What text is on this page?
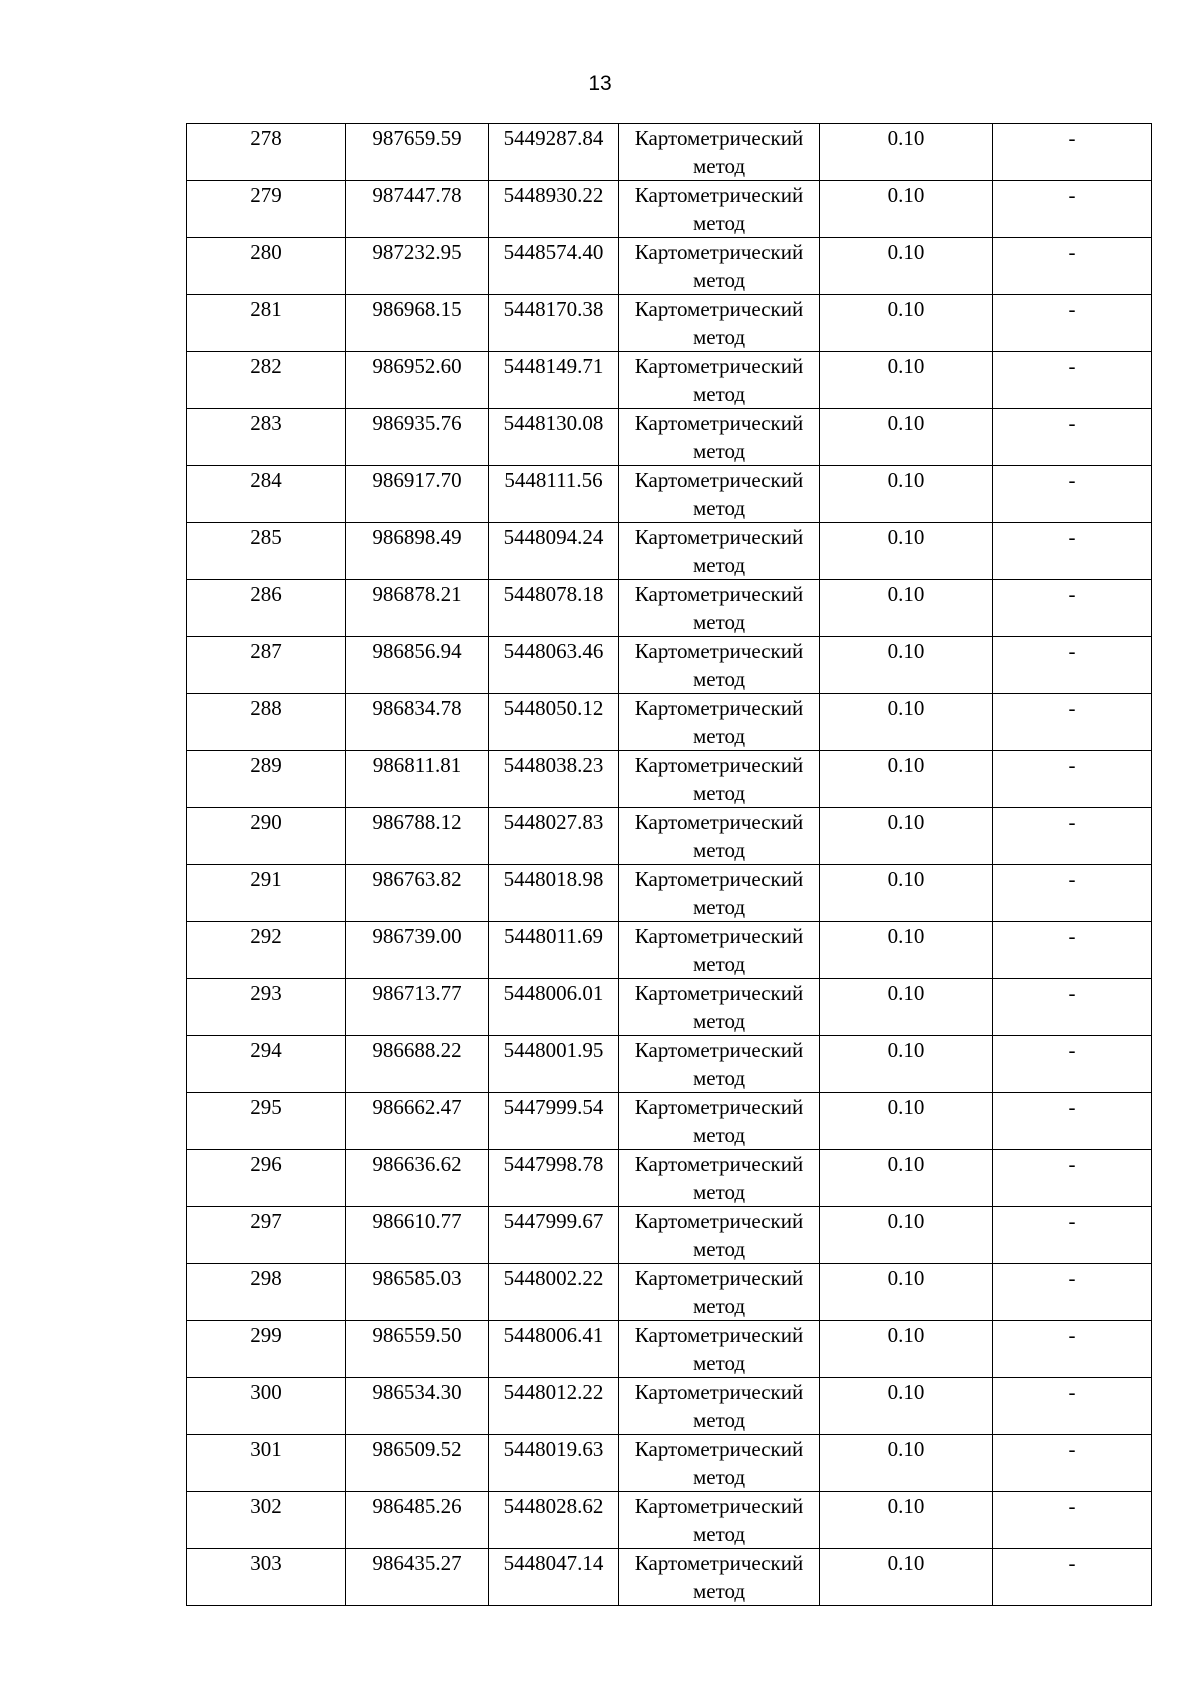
13
278	987659.59	5449287.84	Картометрический метод	0.10	-

279	987447.78	5448930.22	Картометрический метод	0.10	-

280	987232.95	5448574.40	Картометрический метод	0.10	-

281	986968.15	5448170.38	Картометрический метод	0.10	-

282	986952.60	5448149.71	Картометрический метод	0.10	-

283	986935.76	5448130.08	Картометрический метод	0.10	-

284	986917.70	5448111.56	Картометрический метод	0.10	-

285	986898.49	5448094.24	Картометрический метод	0.10	-

286	986878.21	5448078.18	Картометрический метод	0.10	-

287	986856.94	5448063.46	Картометрический метод	0.10	-

288	986834.78	5448050.12	Картометрический метод	0.10	-

289	986811.81	5448038.23	Картометрический метод	0.10	-

290	986788.12	5448027.83	Картометрический метод	0.10	-

291	986763.82	5448018.98	Картометрический метод	0.10	-

292	986739.00	5448011.69	Картометрический метод	0.10	-

293	986713.77	5448006.01	Картометрический метод	0.10	-

294	986688.22	5448001.95	Картометрический метод	0.10	-

295	986662.47	5447999.54	Картометрический метод	0.10	-

296	986636.62	5447998.78	Картометрический метод	0.10	-

297	986610.77	5447999.67	Картометрический метод	0.10	-

298	986585.03	5448002.22	Картометрический метод	0.10	-

299	986559.50	5448006.41	Картометрический метод	0.10	-

300	986534.30	5448012.22	Картометрический метод	0.10	-

301	986509.52	5448019.63	Картометрический метод	0.10	-

302	986485.26	5448028.62	Картометрический метод	0.10	-

303	986435.27	5448047.14	Картометрический метод	0.10	-
